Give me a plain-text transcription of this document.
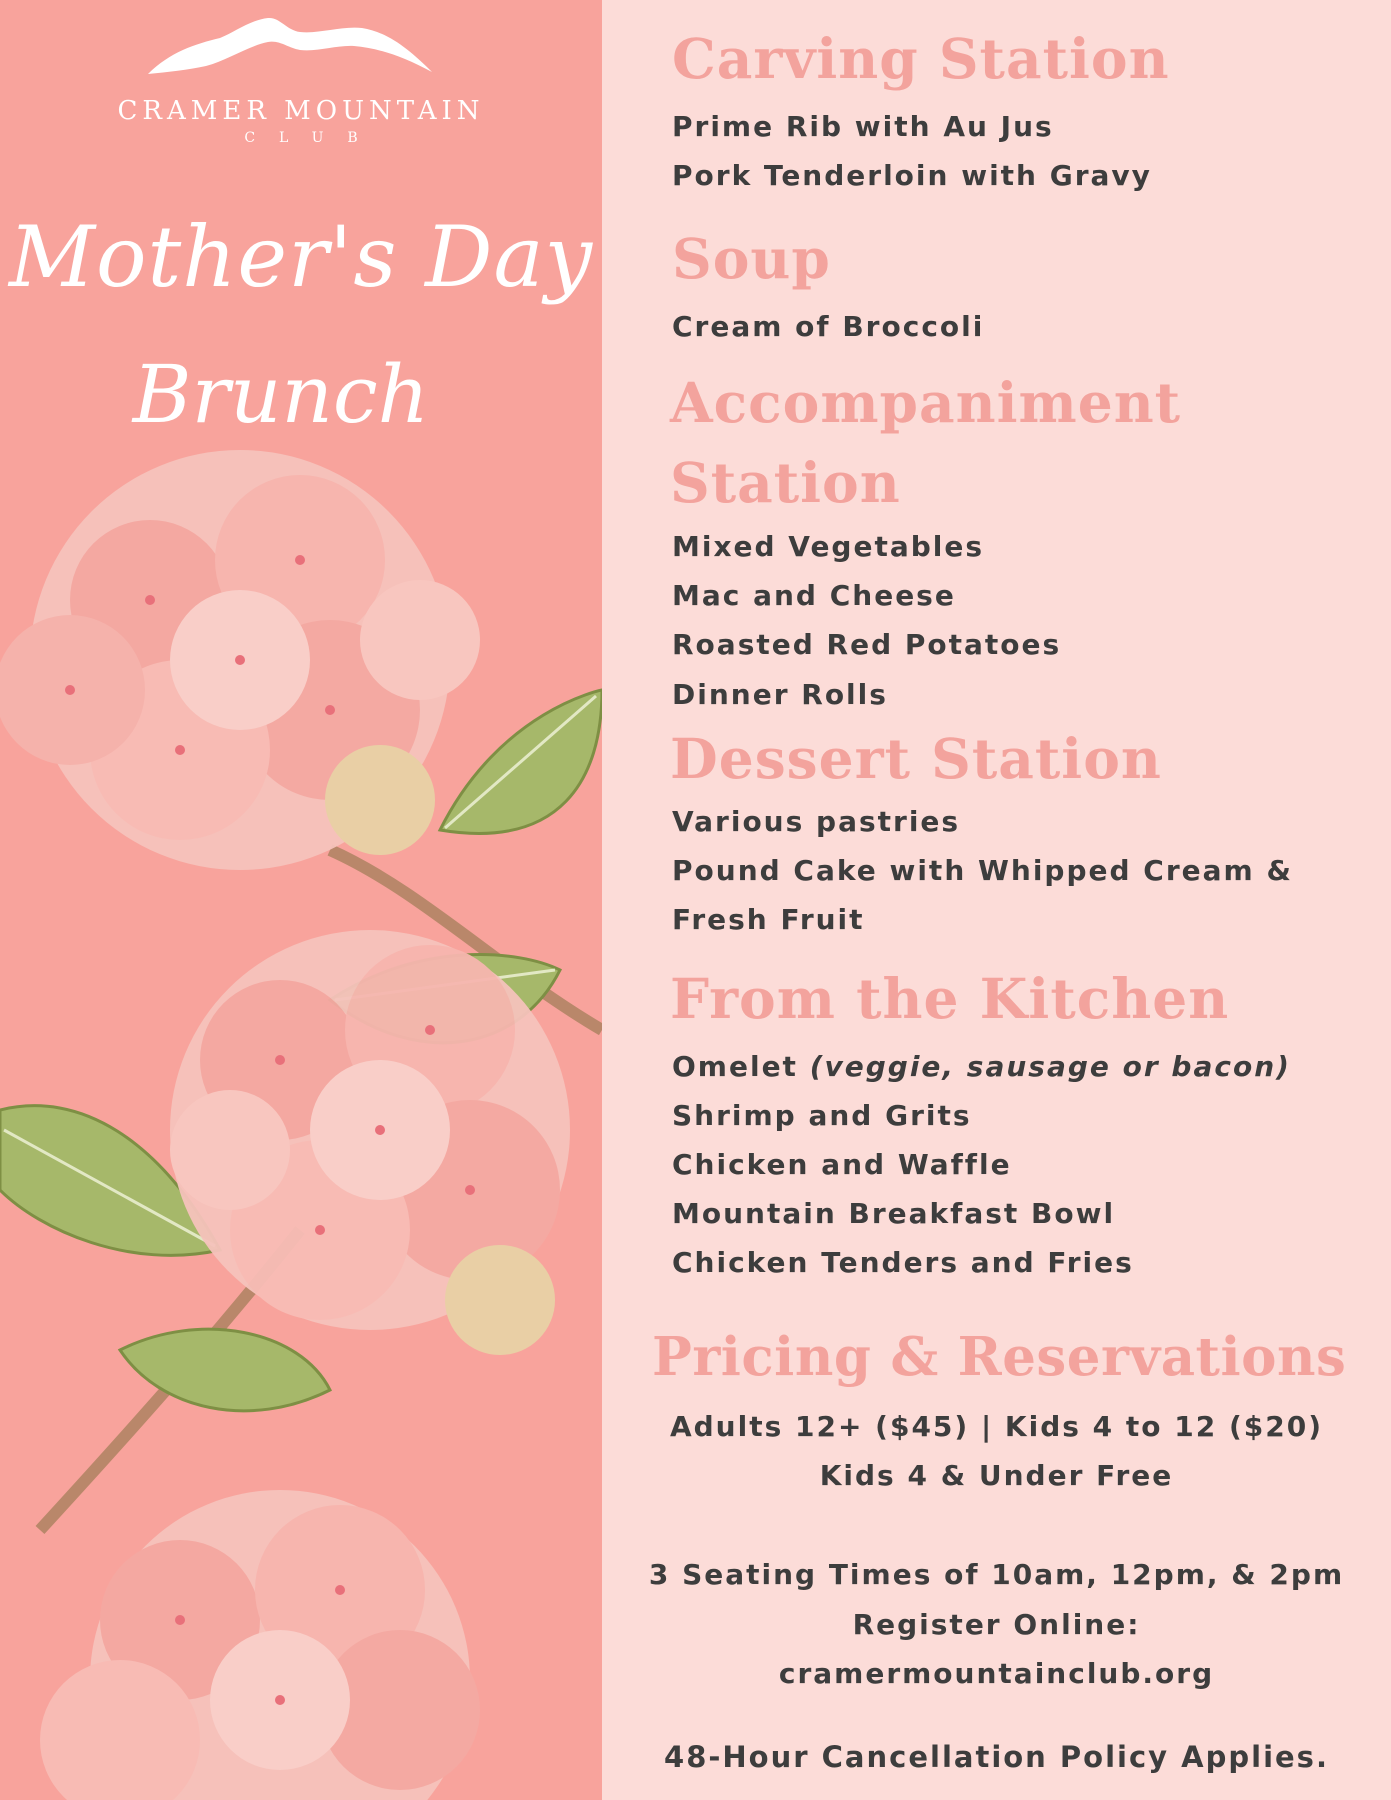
CRAMER MOUNTAIN
CLUB
Mother's Day
Brunch
Carving Station
Prime Rib with Au Jus
Pork Tenderloin with Gravy
Soup
Cream of Broccoli
Accompaniment
Station
Mixed Vegetables
Mac and Cheese
Roasted Red Potatoes
Dinner Rolls
Dessert Station
Various pastries
Pound Cake with Whipped Cream &
Fresh Fruit
From the Kitchen
Omelet (veggie, sausage or bacon)
Shrimp and Grits
Chicken and Waffle
Mountain Breakfast Bowl
Chicken Tenders and Fries
Pricing & Reservations
Adults 12+ ($45) | Kids 4 to 12 ($20)
Kids 4 & Under Free
3 Seating Times of 10am, 12pm, & 2pm
Register Online:
cramermountainclub.org
48-Hour Cancellation Policy Applies.
